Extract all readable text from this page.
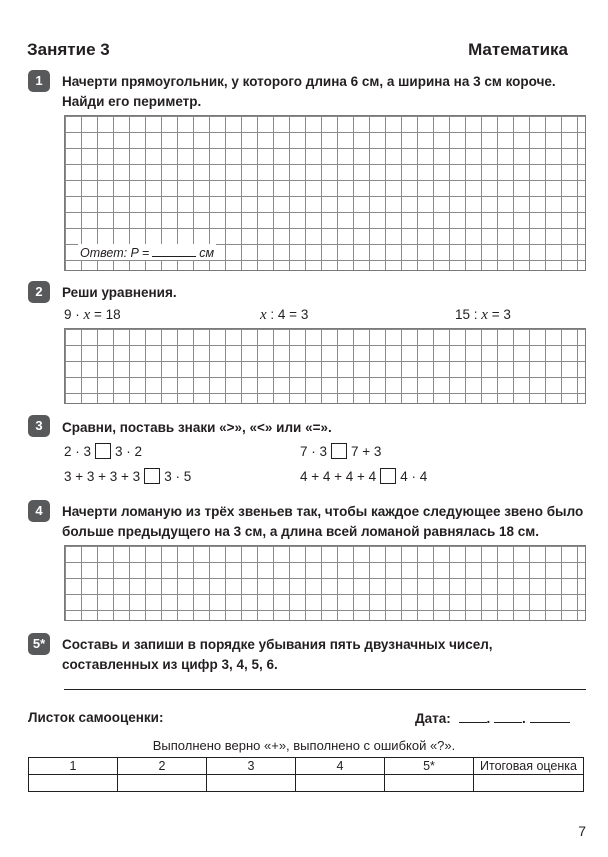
Занятие 3	Математика
1	Начерти прямоугольник, у которого длина 6 см, а ширина на 3 см короче. Найди его периметр.
Ответ: P =	см
2	Реши уравнения.
9 · x = 18	x : 4 = 3	15 : x = 3
3	Сравни, поставь знаки «>», «<» или «=».
2 · 3 3 · 2	7 · 3 7 + 3
3 + 3 + 3 + 3 3 · 5	4 + 4 + 4 + 4 4 · 4
4	Начерти ломаную из трёх звеньев так, чтобы каждое следующее звено было больше предыдущего на 3 см, а длина всей ломаной равнялась 18 см.
5*	Составь и запиши в порядке убывания пять двузначных чисел, составленных из цифр 3, 4, 5, 6.
Листок самооценки:	Дата:	. .
Выполнено верно «+», выполнено с ошибкой «?».
1	2	3	4	5*	Итоговая оценка

7
